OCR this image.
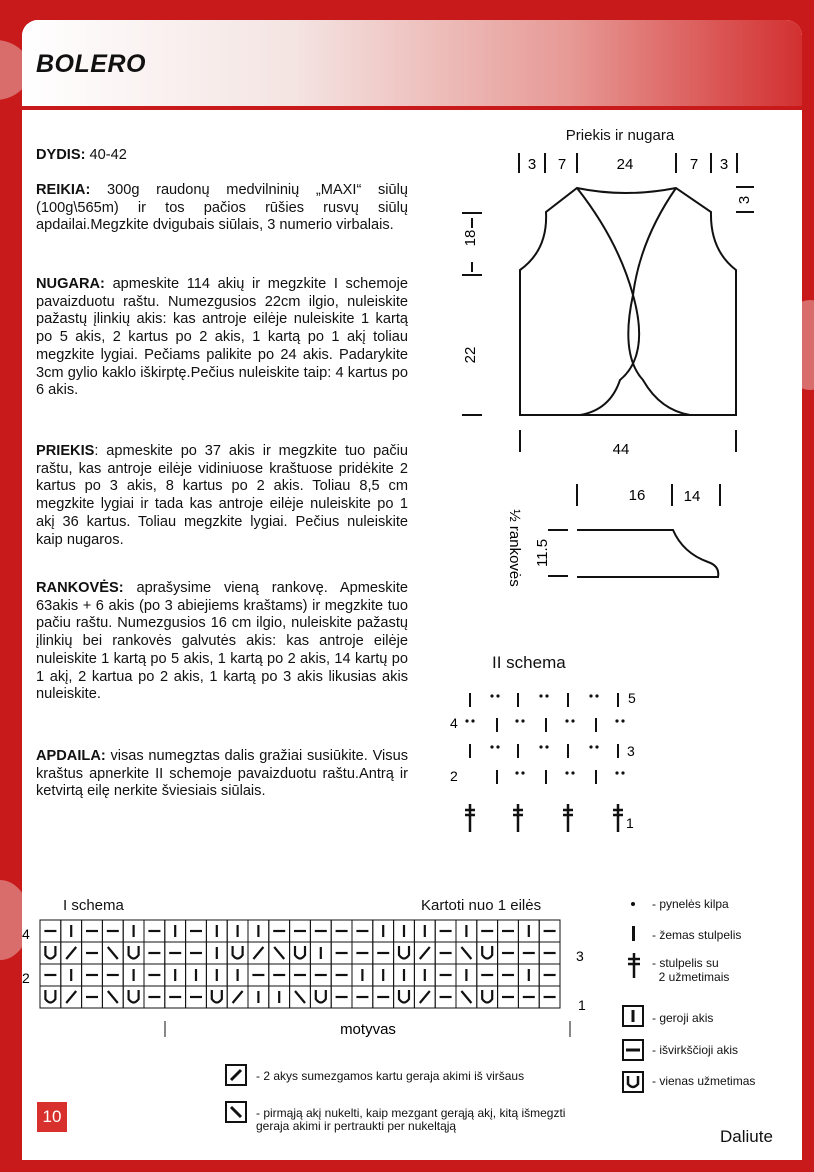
BOLERO

DYDIS: 40-42

REIKIA: 300g raudonų medvilninių „MAXI“ siūlų (100g\565m) ir tos pačios rūšies rusvų siūlų apdailai.Megzkite dvigubais siūlais, 3 numerio virbalais.

NUGARA: apmeskite 114 akių ir megzkite I schemoje pavaizduotu raštu. Numezgusios 22cm ilgio, nuleiskite pažastų įlinkių akis: kas antroje eilėje nuleiskite 1 kartą po 5 akis, 2 kartus po 2 akis, 1 kartą po 1 akį toliau megzkite lygiai. Pečiams palikite po 24 akis. Padarykite 3cm gylio kaklo iškirptę.Pečius nuleiskite taip: 4 kartus po 6 akis.

PRIEKIS: apmeskite po 37 akis ir megzkite tuo pačiu raštu, kas antroje eilėje vidiniuose kraštuose pridėkite 2 kartus po 3 akis, 8 kartus po 2 akis. Toliau 8,5 cm megzkite lygiai ir tada kas antroje eilėje nuleiskite po 1 akį 36 kartus. Toliau megzkite lygiai. Pečius nuleiskite kaip nugaros.

RANKOVĖS: aprašysime vieną rankovę. Apmeskite 63akis + 6 akis (po 3 abiejiems kraštams) ir megzkite tuo pačiu raštu. Numezgusios 16 cm ilgio, nuleiskite pažastų įlinkių bei rankovės galvutės akis: kas antroje eilėje nuleiskite 1 kartą po 5 akis, 1 kartą po 2 akis, 14 kartų po 1 akį, 2 kartua po 2 akis, 1 kartą po 3 akis likusias akis nuleiskite.

APDAILA: visas numegztas dalis gražiai susiūkite. Visus kraštus apnerkite II schemoje pavaizduotu raštu.Antrą ir ketvirtą eilę nerkite šviesiais siūlais.

Priekis ir nugara
3 7	24	7 3
3
18
22
44
16	14
11.5
½ rankovės
II schema
4
2
5
3
1
I schema	Kartoti nuo 1 eilės
4
2
3
1
motyvas
- pynelės kilpa
- žemas stulpelis
- stulpelis su
2 užmetimais
- geroji akis
- išvirkščioji akis
- vienas užmetimas
- 2 akys sumezgamos kartu geraja akimi iš viršaus
- pirmąją akį nukelti, kaip mezgant gerąją akį, kitą išmegzti geraja akimi ir pertraukti per nukeltąją
10
Daliute
